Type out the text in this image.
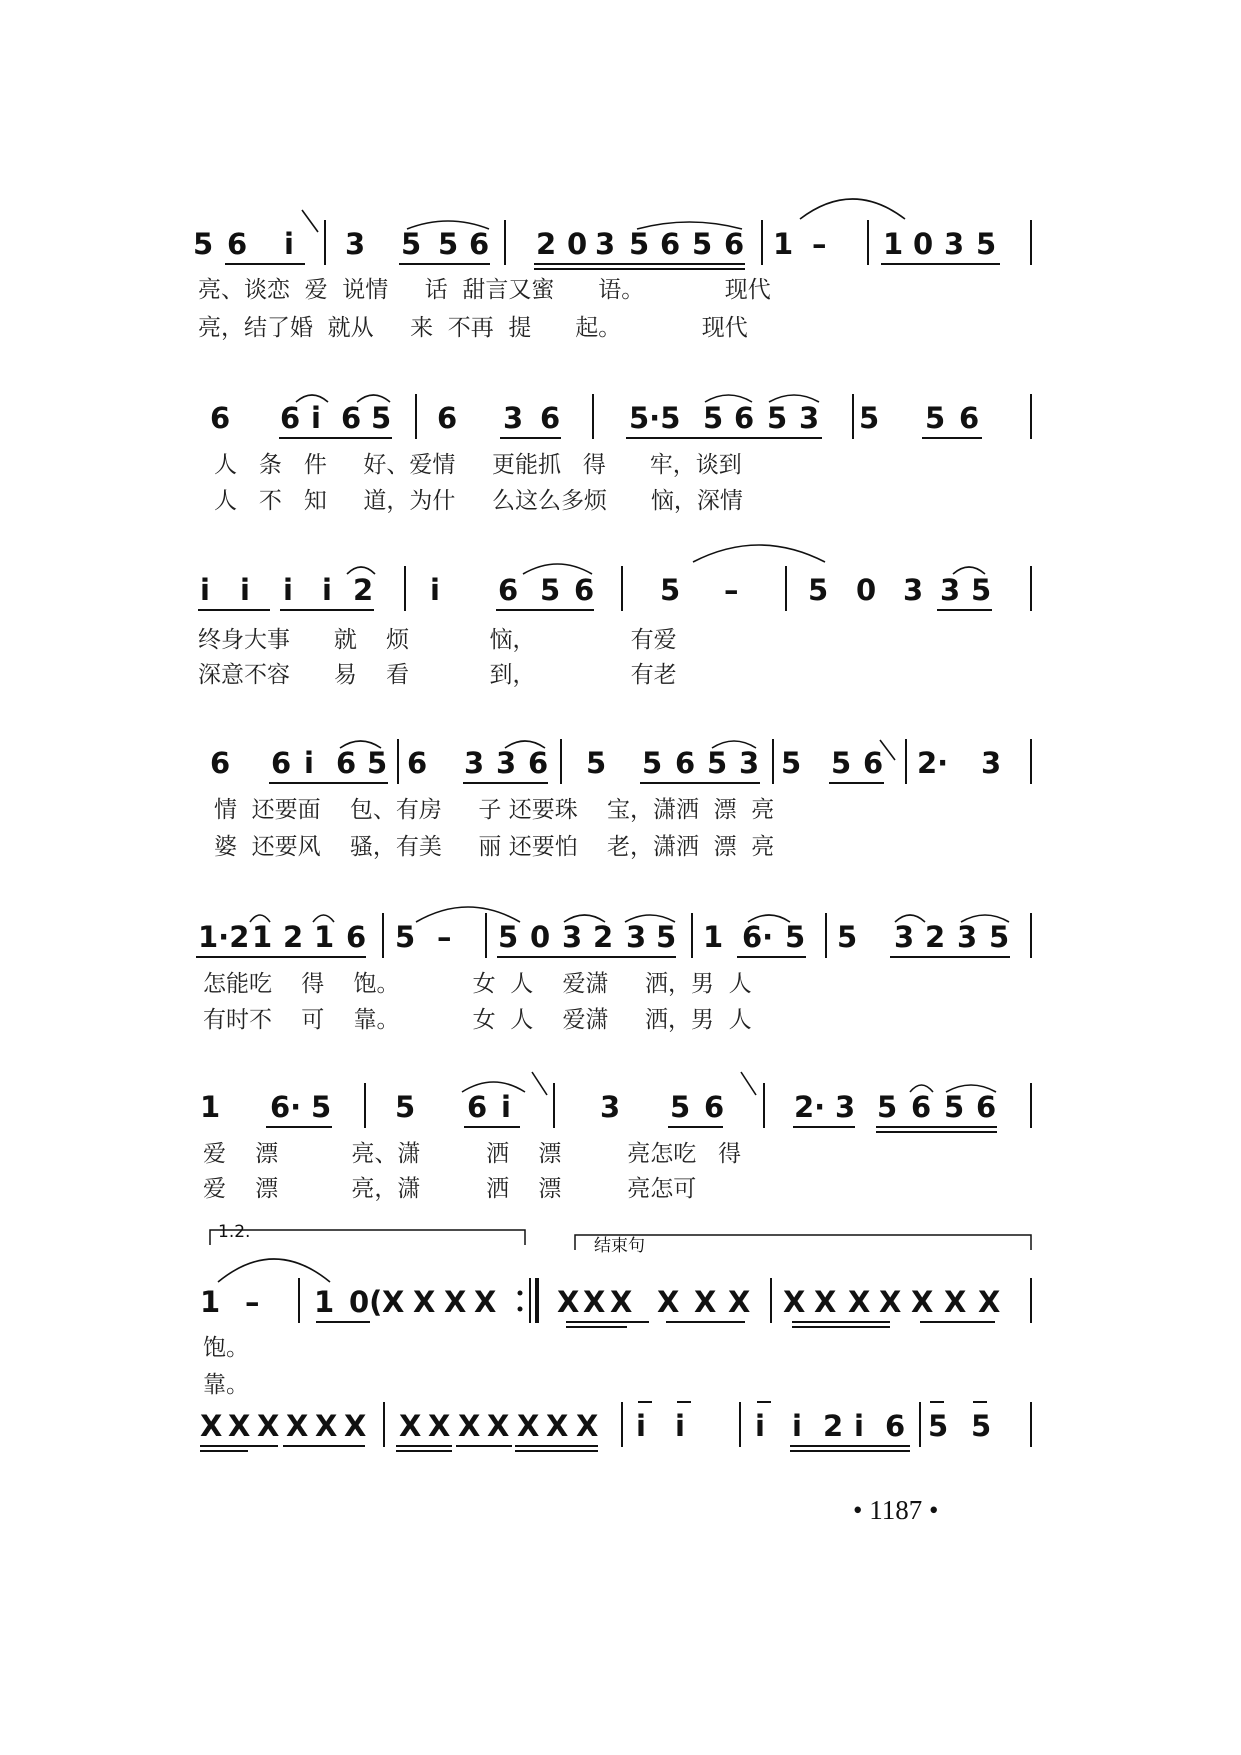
5 6 i 3 5 5 6 2 0 3 5 6 5 6 1 – 1 0 3 5
亮、谈恋  爱  说情     话  甜言又蜜      语。           现代
亮，结了婚  就从     来  不再  提      起。           现代
6 6 i 6 5 6 3 6 5·5 5 6 5 3 5 5 6
人   条   件     好、爱情     更能抓   得      牢，谈到
人   不   知     道，为什     么这么多烦      恼，深情
i i i i 2 i 6 5 6 5 – 5 0 3 3 5
终身大事      就    烦           恼，             有爱
深意不容      易    看           到，             有老
6 6 i 6 5 6 3 3 6 5 5 6 5 3 5 5 6 2· 3
情  还要面    包、有房     子 还要珠    宝，潇洒  漂  亮
婆  还要风    骚，有美     丽 还要怕    老，潇洒  漂  亮
1·2 1 2 1 6 5 – 5 0 3 2 3 5 1 6· 5 5 3 2 3 5
怎能吃    得    饱。          女  人    爱潇     洒，男  人
有时不    可    靠。          女  人    爱潇     洒，男  人
1 6· 5 5 6 i	3 5 6 2· 3 5 6 5 6
爱    漂          亮、潇         洒    漂         亮怎吃   得
爱    漂          亮，潇         洒    漂         亮怎可
1 – 1 0( X X X X X X X X X X X X X X X X X
饱。
靠。
X X X X X X X X X X X X X i i i i 2 i 6 5 5
1.2.
结束句
• 1187 •
